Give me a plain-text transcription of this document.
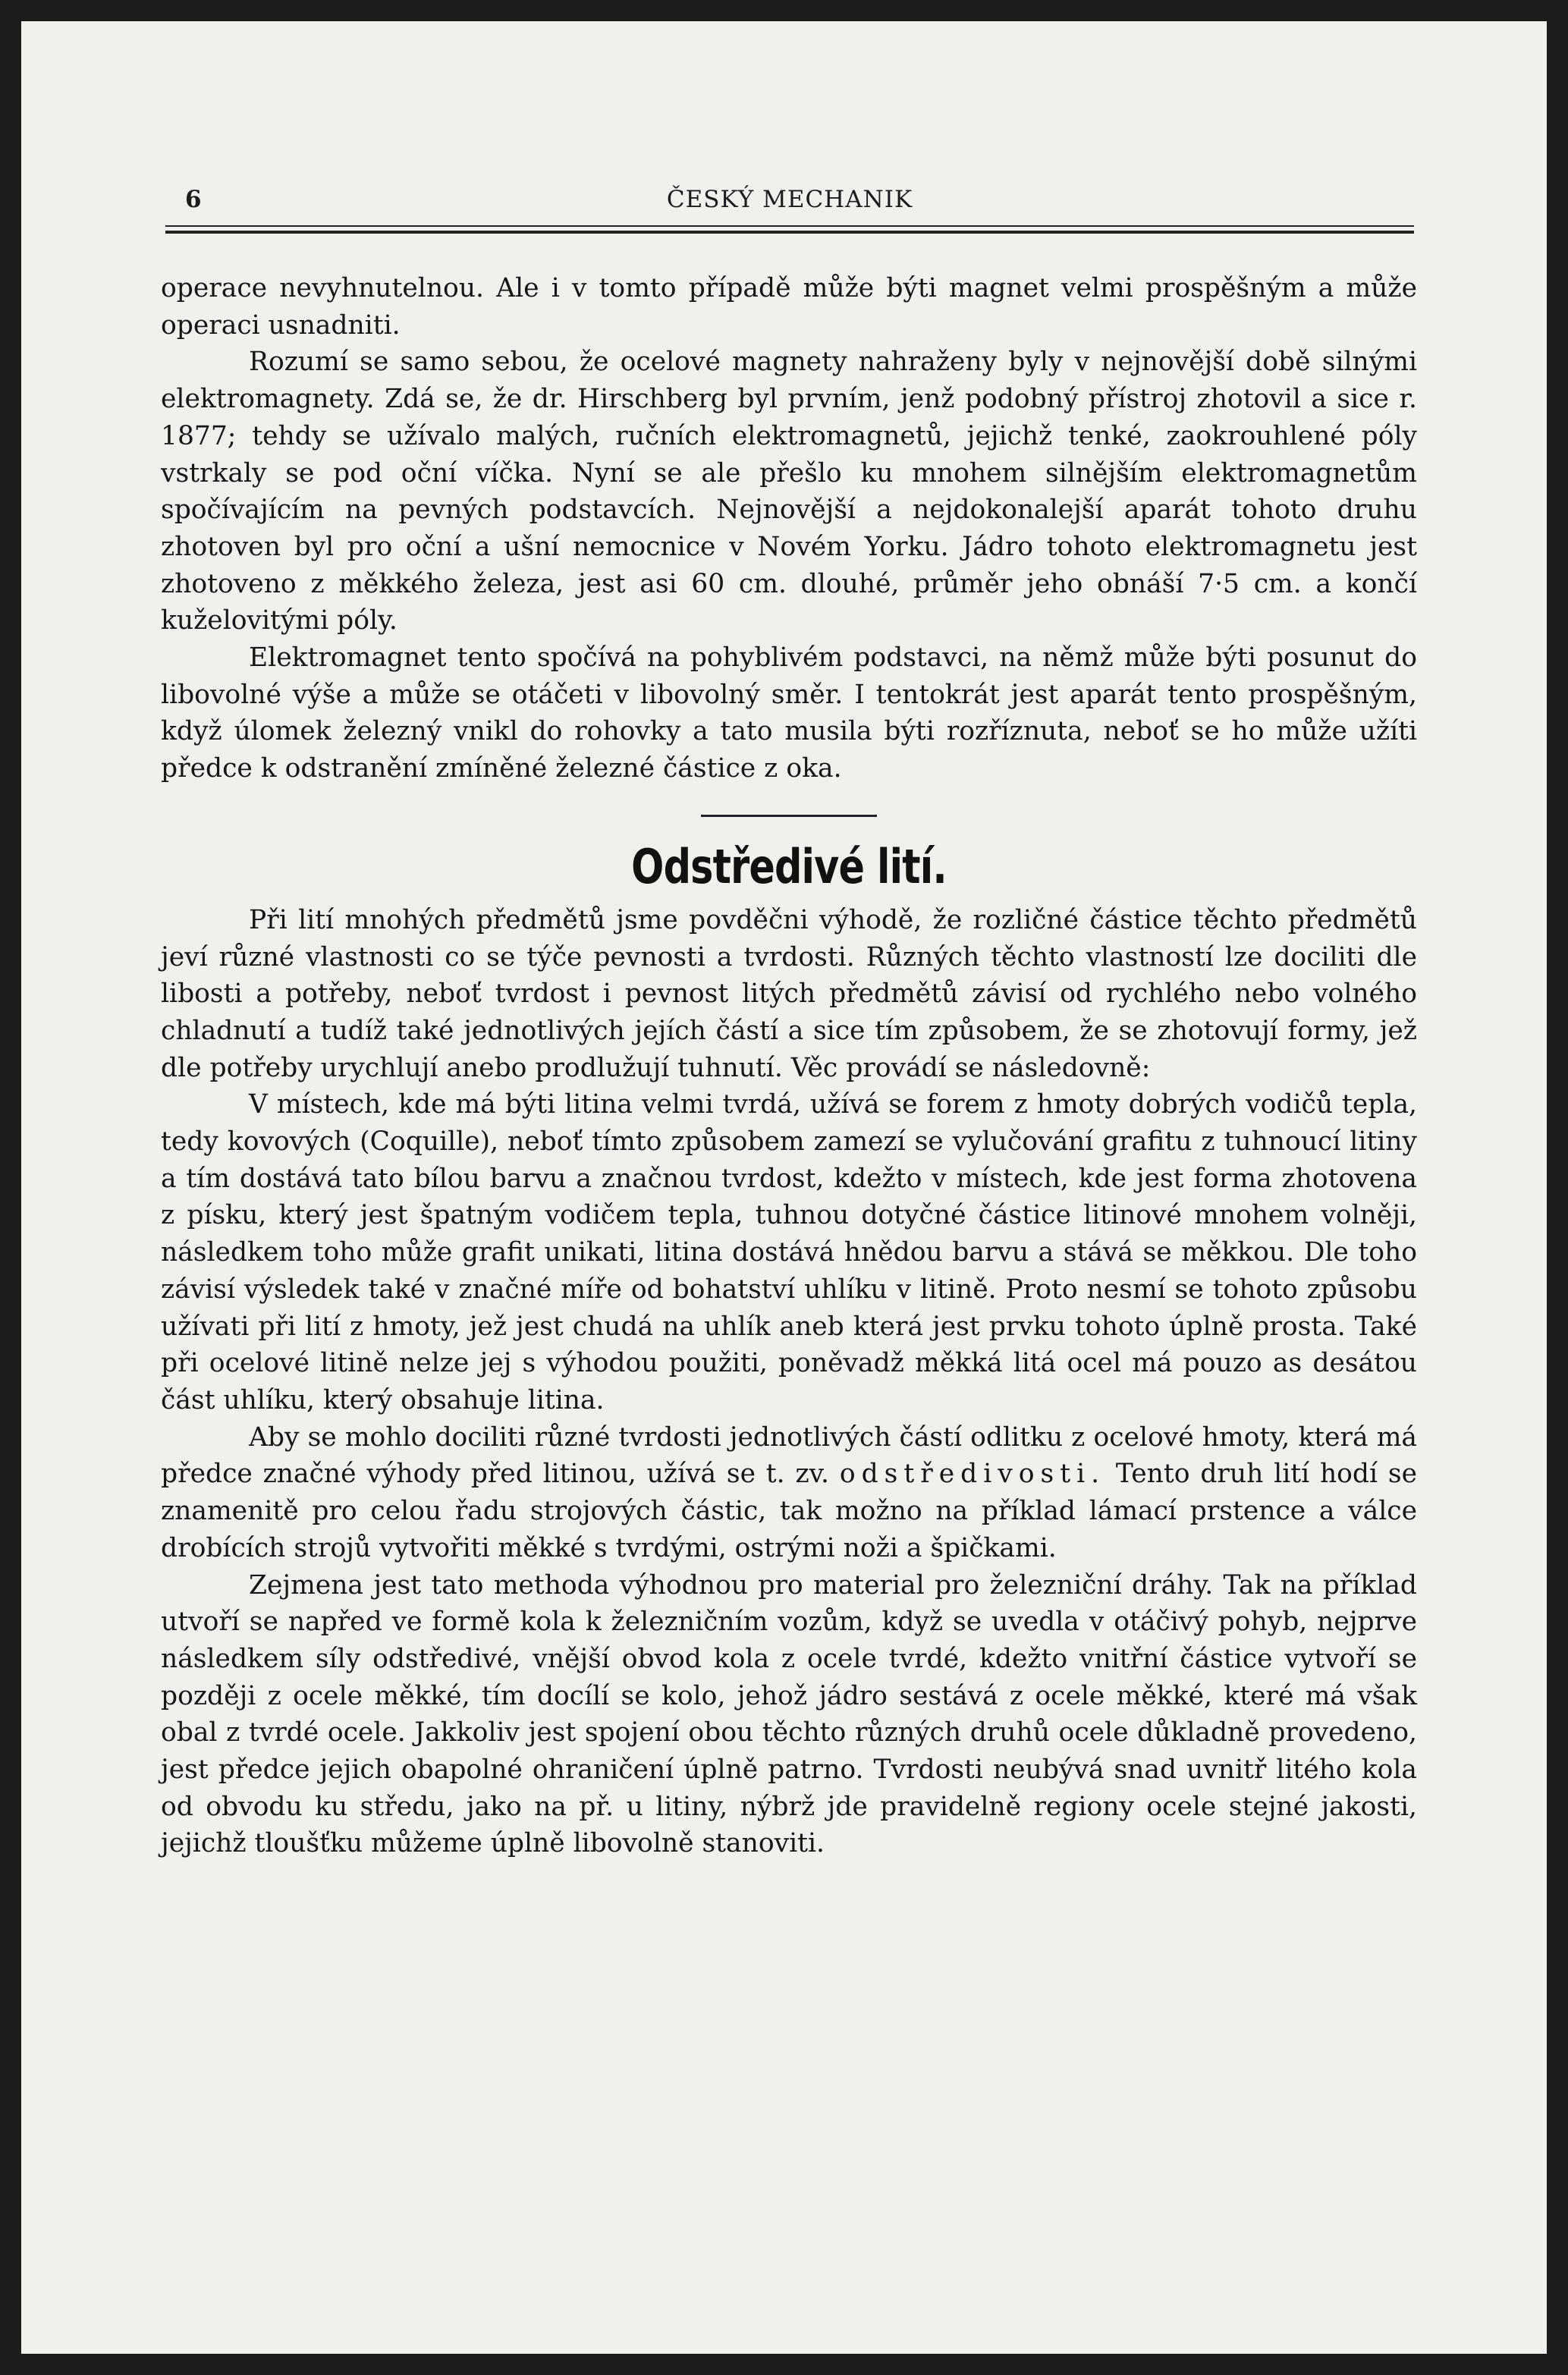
6	ČESKÝ MECHANIK

operace nevyhnutelnou. Ale i v tomto případě může býti magnet velmi prospěšným a může operaci usnadniti.

Rozumí se samo sebou, že ocelové magnety nahraženy byly v nejnovější době silnými elektromagnety. Zdá se, že dr. Hirschberg byl prvním, jenž podobný přístroj zhotovil a sice r. 1877; tehdy se užívalo malých, ručních elektromagnetů, jejichž tenké, zaokrouhlené póly vstrkaly se pod oční víčka. Nyní se ale přešlo ku mnohem silnějším elektromagnetům spočívajícím na pevných podstavcích. Nejnovější a nejdokonalejší aparát tohoto druhu zhotoven byl pro oční a ušní nemocnice v Novém Yorku. Jádro tohoto elektromagnetu jest zhotoveno z měkkého železa, jest asi 60 cm. dlouhé, průměr jeho obnáší 7·5 cm. a končí kuželovitými póly.

Elektromagnet tento spočívá na pohyblivém podstavci, na němž může býti posunut do libovolné výše a může se otáčeti v libovolný směr. I tentokrát jest aparát tento prospěšným, když úlomek železný vnikl do rohovky a tato musila býti rozříznuta, neboť se ho může užíti předce k odstranění zmíněné železné částice z oka.

Odstředivé lití.

Při lití mnohých předmětů jsme povděčni výhodě, že rozličné částice těchto předmětů jeví různé vlastnosti co se týče pevnosti a tvrdosti. Různých těchto vlastností lze dociliti dle libosti a potřeby, neboť tvrdost i pevnost litých předmětů závisí od rychlého nebo volného chladnutí a tudíž také jednotlivých jejích částí a sice tím způsobem, že se zhotovují formy, jež dle potřeby urychlují anebo prodlužují tuhnutí. Věc provádí se následovně:

V místech, kde má býti litina velmi tvrdá, užívá se forem z hmoty dobrých vodičů tepla, tedy kovových (Coquille), neboť tímto způsobem zamezí se vylučování grafitu z tuhnoucí litiny a tím dostává tato bílou barvu a značnou tvrdost, kdežto v místech, kde jest forma zhotovena z písku, který jest špatným vodičem tepla, tuhnou dotyčné částice litinové mnohem volněji, následkem toho může grafit unikati, litina dostává hnědou barvu a stává se měkkou. Dle toho závisí výsledek také v značné míře od bohatství uhlíku v litině. Proto nesmí se tohoto způsobu užívati při lití z hmoty, jež jest chudá na uhlík aneb která jest prvku tohoto úplně prosta. Také při ocelové litině nelze jej s výhodou použiti, poněvadž měkká litá ocel má pouzo as desátou část uhlíku, který obsahuje litina.

Aby se mohlo dociliti různé tvrdosti jednotlivých částí odlitku z ocelové hmoty, která má předce značné výhody před litinou, užívá se t. zv. odstředivosti. Tento druh lití hodí se znamenitě pro celou řadu strojových částic, tak možno na příklad lámací prstence a válce drobících strojů vytvořiti měkké s tvrdými, ostrými noži a špičkami.

Zejmena jest tato methoda výhodnou pro material pro železniční dráhy. Tak na příklad utvoří se napřed ve formě kola k železničním vozům, když se uvedla v otáčivý pohyb, nejprve následkem síly odstředivé, vnější obvod kola z ocele tvrdé, kdežto vnitřní částice vytvoří se později z ocele měkké, tím docílí se kolo, jehož jádro sestává z ocele měkké, které má však obal z tvrdé ocele. Jakkoliv jest spojení obou těchto různých druhů ocele důkladně provedeno, jest předce jejich obapolné ohraničení úplně patrno. Tvrdosti neubývá snad uvnitř litého kola od obvodu ku středu, jako na př. u litiny, nýbrž jde pravidelně regiony ocele stejné jakosti, jejichž tloušťku můžeme úplně libovolně stanoviti.
